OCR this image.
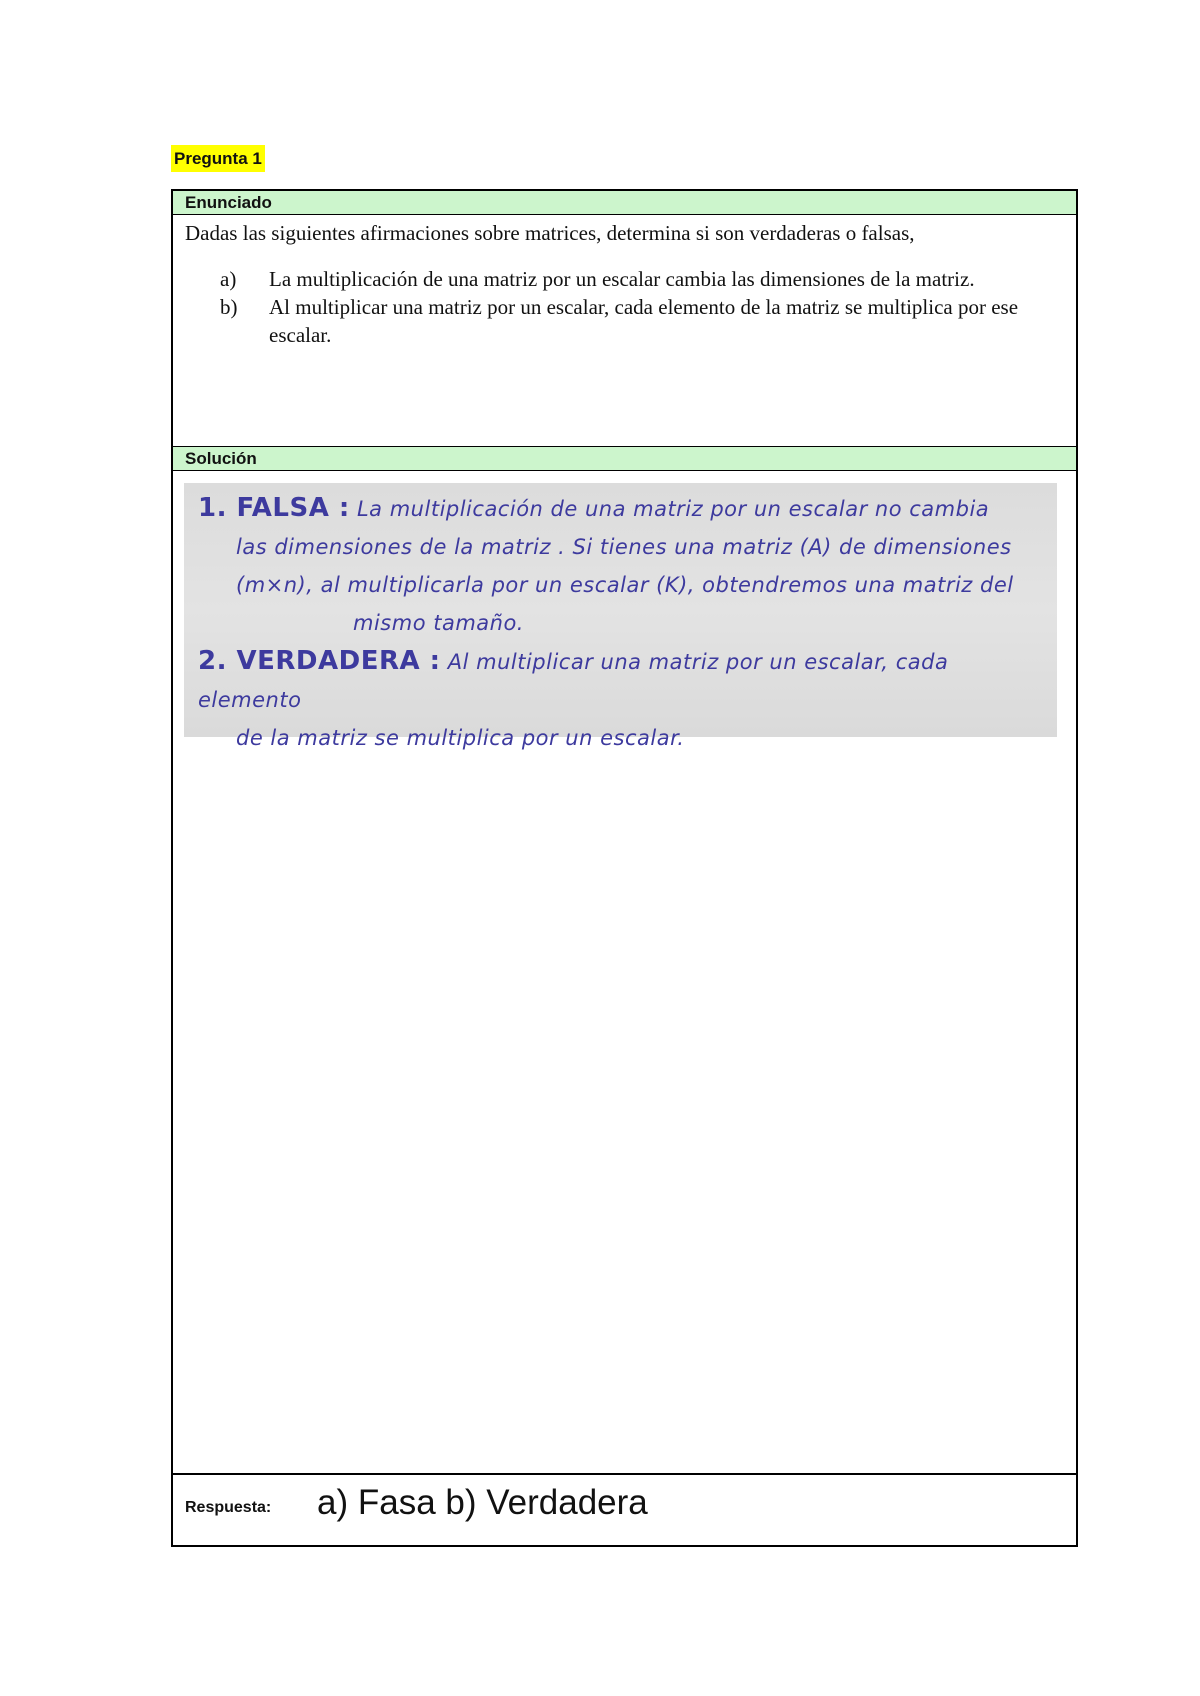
Pregunta 1
Enunciado
Dadas las siguientes afirmaciones sobre matrices, determina si son verdaderas o falsas,
a) La multiplicación de una matriz por un escalar cambia las dimensiones de la matriz.
b) Al multiplicar una matriz por un escalar, cada elemento de la matriz se multiplica por ese escalar.
Solución

1. FALSA : La multiplicación de una matriz por un escalar no cambia

las dimensiones de la matriz . Si tienes una matriz (A) de dimensiones

(m×n), al multiplicarla por un escalar (K), obtendremos una matriz del

mismo tamaño.

2. VERDADERA : Al multiplicar una matriz por un escalar, cada elemento

de la matriz se multiplica por un escalar.

Respuesta: a) Fasa b) Verdadera
